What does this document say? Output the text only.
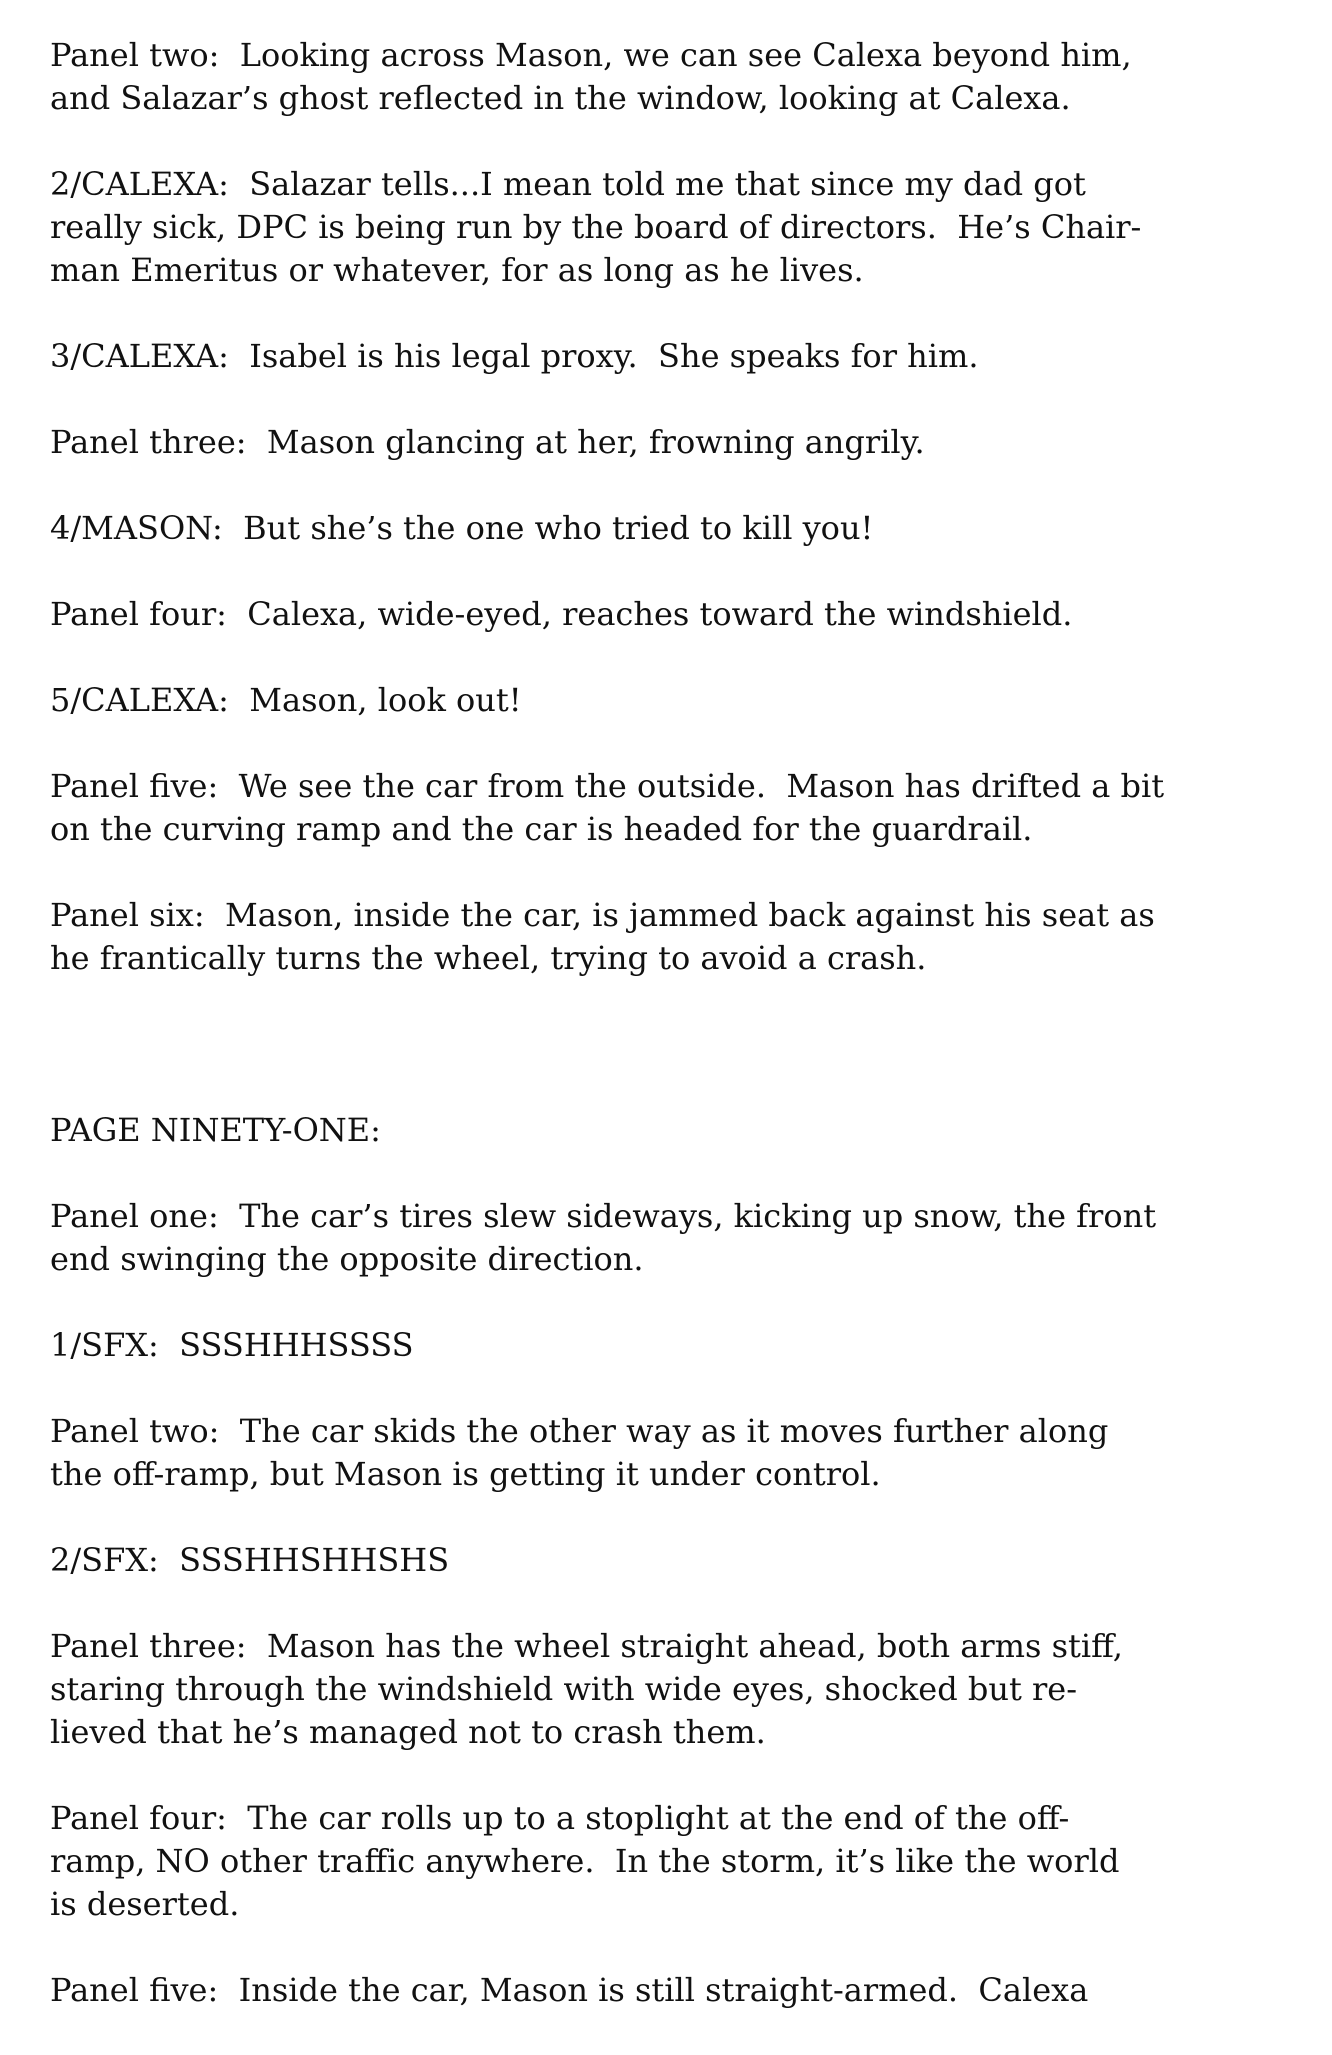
Panel two:  Looking across Mason, we can see Calexa beyond him,
and Salazar’s ghost reflected in the window, looking at Calexa.
2/CALEXA:  Salazar tells...I mean told me that since my dad got
really sick, DPC is being run by the board of directors.  He’s Chair-
man Emeritus or whatever, for as long as he lives.
3/CALEXA:  Isabel is his legal proxy.  She speaks for him.
Panel three:  Mason glancing at her, frowning angrily.
4/MASON:  But she’s the one who tried to kill you!
Panel four:  Calexa, wide-eyed, reaches toward the windshield.
5/CALEXA:  Mason, look out!
Panel five:  We see the car from the outside.  Mason has drifted a bit
on the curving ramp and the car is headed for the guardrail.
Panel six:  Mason, inside the car, is jammed back against his seat as
he frantically turns the wheel, trying to avoid a crash.
PAGE NINETY-ONE:
Panel one:  The car’s tires slew sideways, kicking up snow, the front
end swinging the opposite direction.
1/SFX:  SSSHHHSSSS
Panel two:  The car skids the other way as it moves further along
the off-ramp, but Mason is getting it under control.
2/SFX:  SSSHHSHHSHS
Panel three:  Mason has the wheel straight ahead, both arms stiff,
staring through the windshield with wide eyes, shocked but re-
lieved that he’s managed not to crash them.
Panel four:  The car rolls up to a stoplight at the end of the off-
ramp, NO other traffic anywhere.  In the storm, it’s like the world
is deserted.
Panel five:  Inside the car, Mason is still straight-armed.  Calexa
